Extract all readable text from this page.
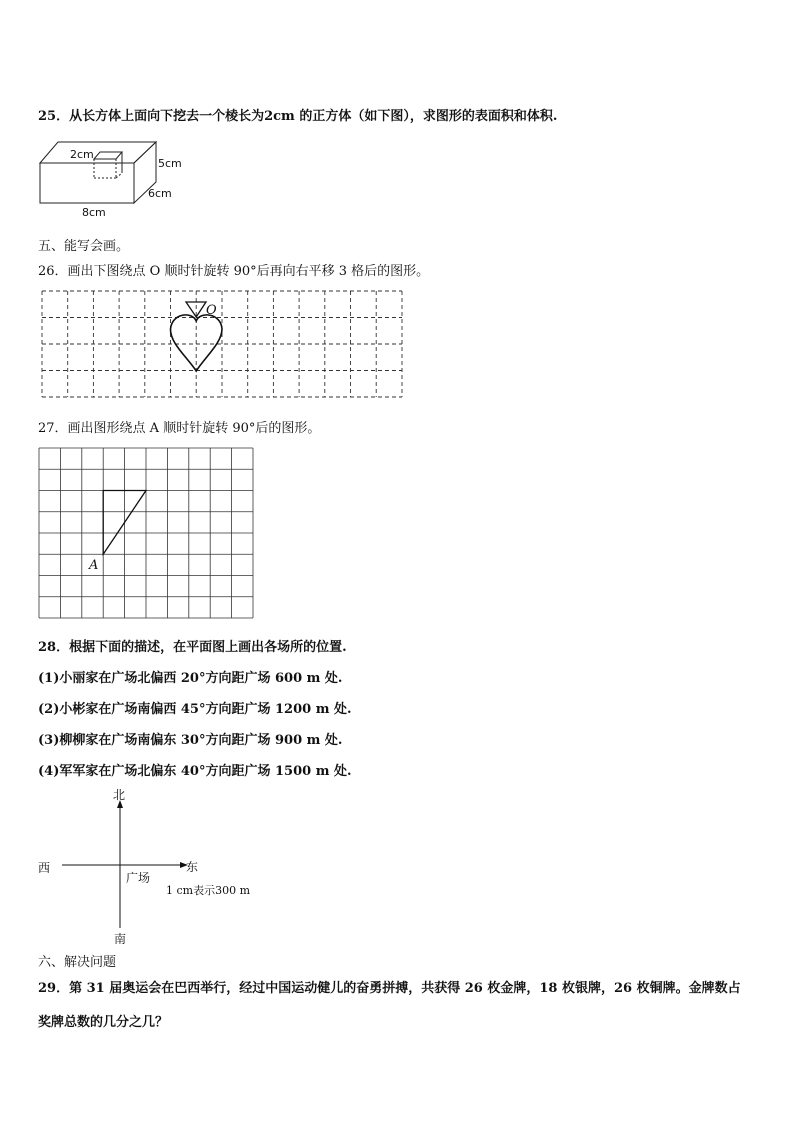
25．从长方体上面向下挖去一个棱长为2cm 的正方体（如下图），求图形的表面积和体积.
2cm
5cm
6cm
8cm
五、能写会画。
26．画出下图绕点 O 顺时针旋转 90°后再向右平移 3 格后的图形。
O
27．画出图形绕点 A 顺时针旋转 90°后的图形。
A
28．根据下面的描述，在平面图上画出各场所的位置.
(1)小丽家在广场北偏西 20°方向距广场 600 m 处.
(2)小彬家在广场南偏西 45°方向距广场 1200 m 处.
(3)柳柳家在广场南偏东 30°方向距广场 900 m 处.
(4)军军家在广场北偏东 40°方向距广场 1500 m 处.
北
西	东
广场
1 cm表示300 m
南
六、解决问题
29．第 31 届奥运会在巴西举行，经过中国运动健儿的奋勇拼搏，共获得 26 枚金牌，18 枚银牌，26 枚铜牌。金牌数占
奖牌总数的几分之几？
